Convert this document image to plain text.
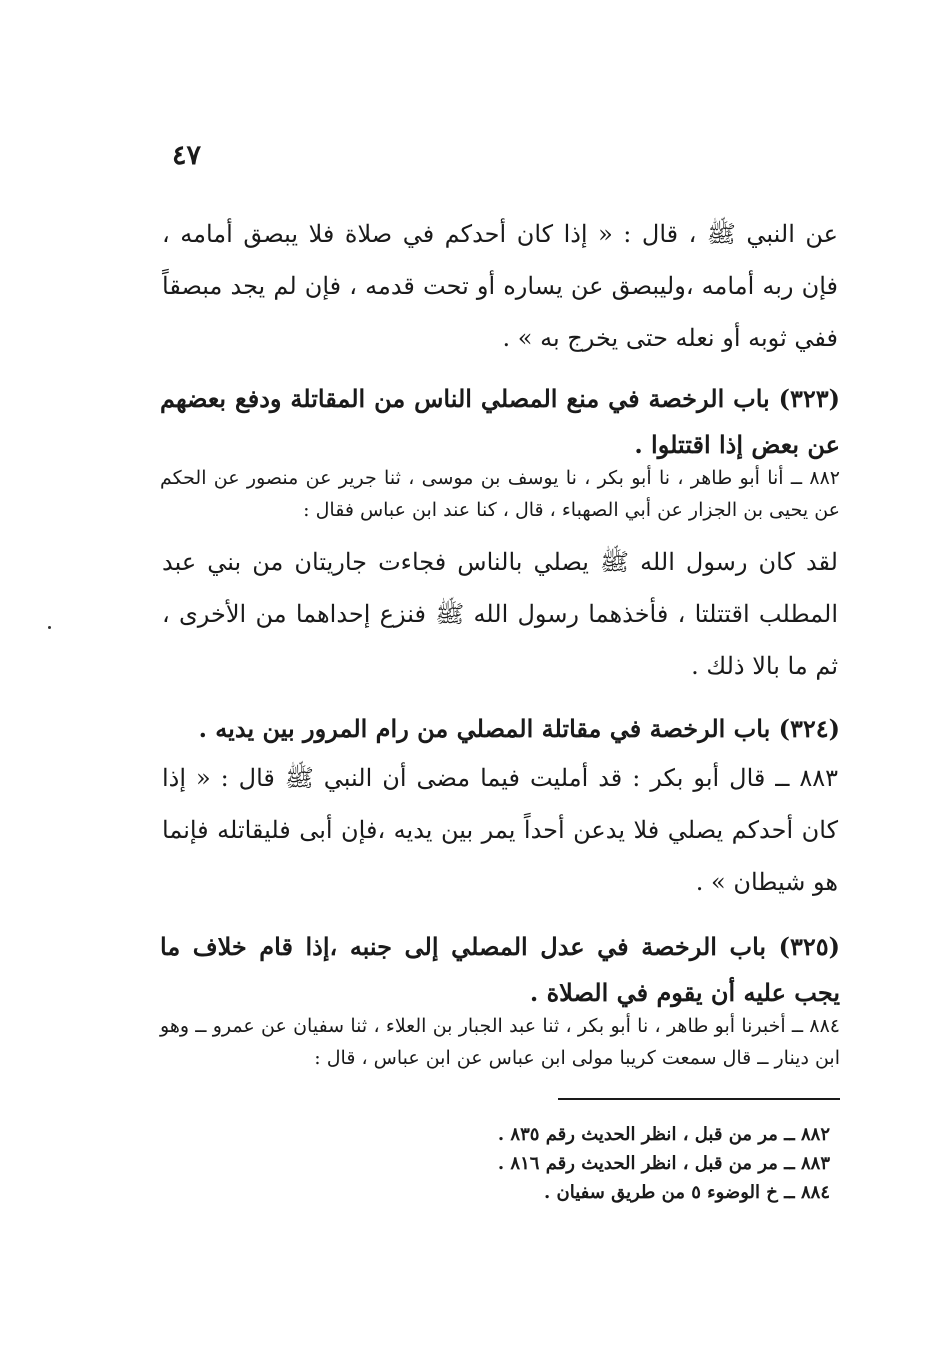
٤٧
عن النبي ﷺ ، قال : « إذا كان أحدكم في صلاة فلا يبصق أمامه ، فإن ربه أمامه ،وليبصق عن يساره أو تحت قدمه ، فإن لم يجد مبصقاً ففي ثوبه أو نعله حتى يخرج به » .
(٣٢٣) باب الرخصة في منع المصلي الناس من المقاتلة ودفع بعضهم عن بعض إذا اقتتلوا .
٨٨٢ ــ أنا أبو طاهر ، نا أبو بكر ، نا يوسف بن موسى ، ثنا جرير عن منصور عن الحكم عن يحيى بن الجزار عن أبي الصهباء ، قال ، كنا عند ابن عباس فقال :
لقد كان رسول الله ﷺ يصلي بالناس فجاءت جاريتان من بني عبد المطلب اقتتلتا ، فأخذهما رسول الله ﷺ فنزع إحداهما من الأخرى ، ثم ما بالا ذلك .
(٣٢٤) باب الرخصة في مقاتلة المصلي من رام المرور بين يديه .
٨٨٣ ــ قال أبو بكر : قد أمليت فيما مضى أن النبي ﷺ قال : « إذا كان أحدكم يصلي فلا يدعن أحداً يمر بين يديه ،فإن أبى فليقاتله فإنما هو شيطان » .
(٣٢٥) باب الرخصة في عدل المصلي إلى جنبه ،إذا قام خلاف ما يجب عليه أن يقوم في الصلاة .
٨٨٤ ــ أخبرنا أبو طاهر ، نا أبو بكر ، ثنا عبد الجبار بن العلاء ، ثنا سفيان عن عمرو ــ وهو ابن دينار ــ قال سمعت كريبا مولى ابن عباس عن ابن عباس ، قال :
٨٨٢ ــ مر من قبل ، انظر الحديث رقم ٨٣٥ .
٨٨٣ ــ مر من قبل ، انظر الحديث رقم ٨١٦ .
٨٨٤ ــ خ الوضوء ٥ من طريق سفيان .
